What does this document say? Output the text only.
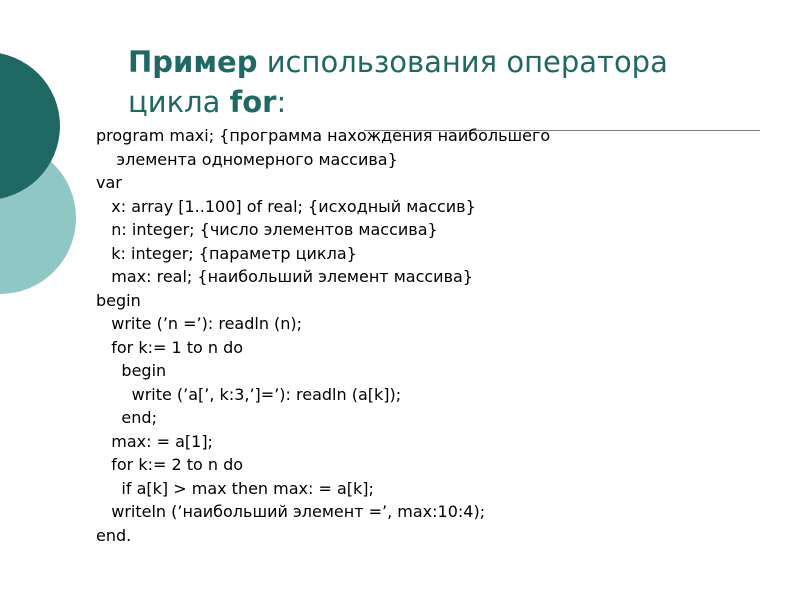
Пример использования оператора цикла for:
program maxi; {программа нахождения наибольшего
элемента одномерного массива}
var
x: array [1..100] of real; {исходный массив}
n: integer; {число элементов массива}
k: integer; {параметр цикла}
max: real; {наибольший элемент массива}
begin
write (’n =’): readln (n);
for k:= 1 to n do
begin
write (’a[’, k:3,’]=’): readln (a[k]);
end;
max: = a[1];
for k:= 2 to n do
if a[k] > max then max: = a[k];
writeln (’наибольший элемент =’, max:10:4);
end.
